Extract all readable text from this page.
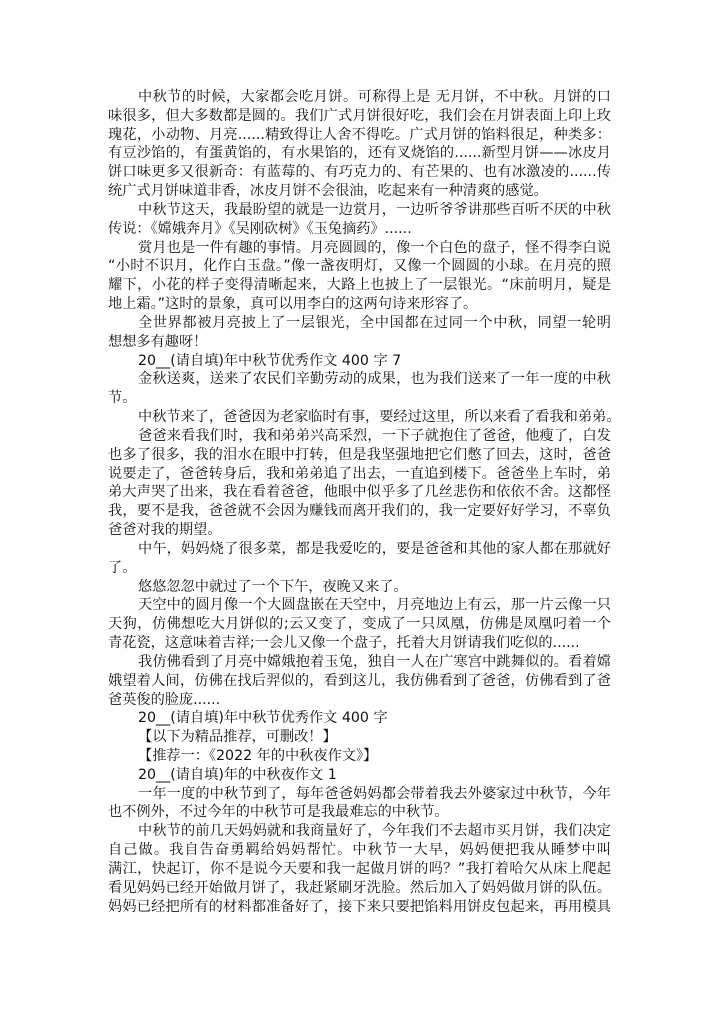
中秋节的时候，大家都会吃月饼。可称得上是 无月饼，不中秋。月饼的口
味很多，但大多数都是圆的。我们广式月饼很好吃，我们会在月饼表面上印上玫
瑰花，小动物、月亮......精致得让人舍不得吃。广式月饼的馅料很足，种类多：
有豆沙馅的，有蛋黄馅的，有水果馅的，还有叉烧馅的......新型月饼——冰皮月
饼口味更多又很新奇：有蓝莓的、有巧克力的、有芒果的、也有冰激凌的......传
统广式月饼味道非香，冰皮月饼不会很油，吃起来有一种清爽的感觉。
中秋节这天，我最盼望的就是一边赏月，一边听爷爷讲那些百听不厌的中秋
传说：《嫦娥奔月》《吴刚砍树》《玉兔摘药》......
赏月也是一件有趣的事情。月亮圆圆的，像一个白色的盘子，怪不得李白说
“小时不识月，化作白玉盘。”像一盏夜明灯，又像一个圆圆的小球。在月亮的照
耀下，小花的样子变得清晰起来，大路上也披上了一层银光。“床前明月，疑是
地上霜。”这时的景象，真可以用李白的这两句诗来形容了。
全世界都被月亮披上了一层银光，全中国都在过同一个中秋，同望一轮明
想想多有趣呀！
20__(请自填)年中秋节优秀作文 400 字 7
金秋送爽，送来了农民们辛勤劳动的成果，也为我们送来了一年一度的中秋
节。
中秋节来了，爸爸因为老家临时有事，要经过这里，所以来看了看我和弟弟。
爸爸来看我们时，我和弟弟兴高采烈，一下子就抱住了爸爸，他瘦了，白发
也多了很多，我的泪水在眼中打转，但是我坚强地把它们憋了回去，这时，爸爸
说要走了，爸爸转身后，我和弟弟追了出去，一直追到楼下。爸爸坐上车时，弟
弟大声哭了出来，我在看着爸爸，他眼中似乎多了几丝悲伤和依依不舍。这都怪
我，要不是我，爸爸就不会因为赚钱而离开我们的，我一定要好好学习，不辜负
爸爸对我的期望。
中午，妈妈烧了很多菜，都是我爱吃的，要是爸爸和其他的家人都在那就好
了。
悠悠忽忽中就过了一个下午，夜晚又来了。
天空中的圆月像一个大圆盘嵌在天空中，月亮地边上有云，那一片云像一只
天狗，仿佛想吃大月饼似的;云又变了，变成了一只凤凰，仿佛是凤凰叼着一个
青花瓷，这意味着吉祥;一会儿又像一个盘子，托着大月饼请我们吃似的......
我仿佛看到了月亮中嫦娥抱着玉兔，独自一人在广寒宫中跳舞似的。看着嫦
娥望着人间，仿佛在找后羿似的，看到这儿，我仿佛看到了爸爸，仿佛看到了爸
爸英俊的脸庞......
20__(请自填)年中秋节优秀作文 400 字
【以下为精品推荐，可删改！】
【推荐一：《2022 年的中秋夜作文》】
20__(请自填)年的中秋夜作文 1
一年一度的中秋节到了，每年爸爸妈妈都会带着我去外婆家过中秋节，今年
也不例外，不过今年的中秋节可是我最难忘的中秋节。
中秋节的前几天妈妈就和我商量好了，今年我们不去超市买月饼，我们决定
自己做。我自告奋勇羁给妈妈帮忙。中秋节一大早，妈妈便把我从睡梦中叫
满江，快起订，你不是说今天要和我一起做月饼的吗？”我打着哈欠从床上爬起
看见妈妈已经开始做月饼了，我赶紧刷牙洗脸。然后加入了妈妈做月饼的队伍。
妈妈已经把所有的材料都准备好了，接下来只要把馅料用饼皮包起来，再用模具
